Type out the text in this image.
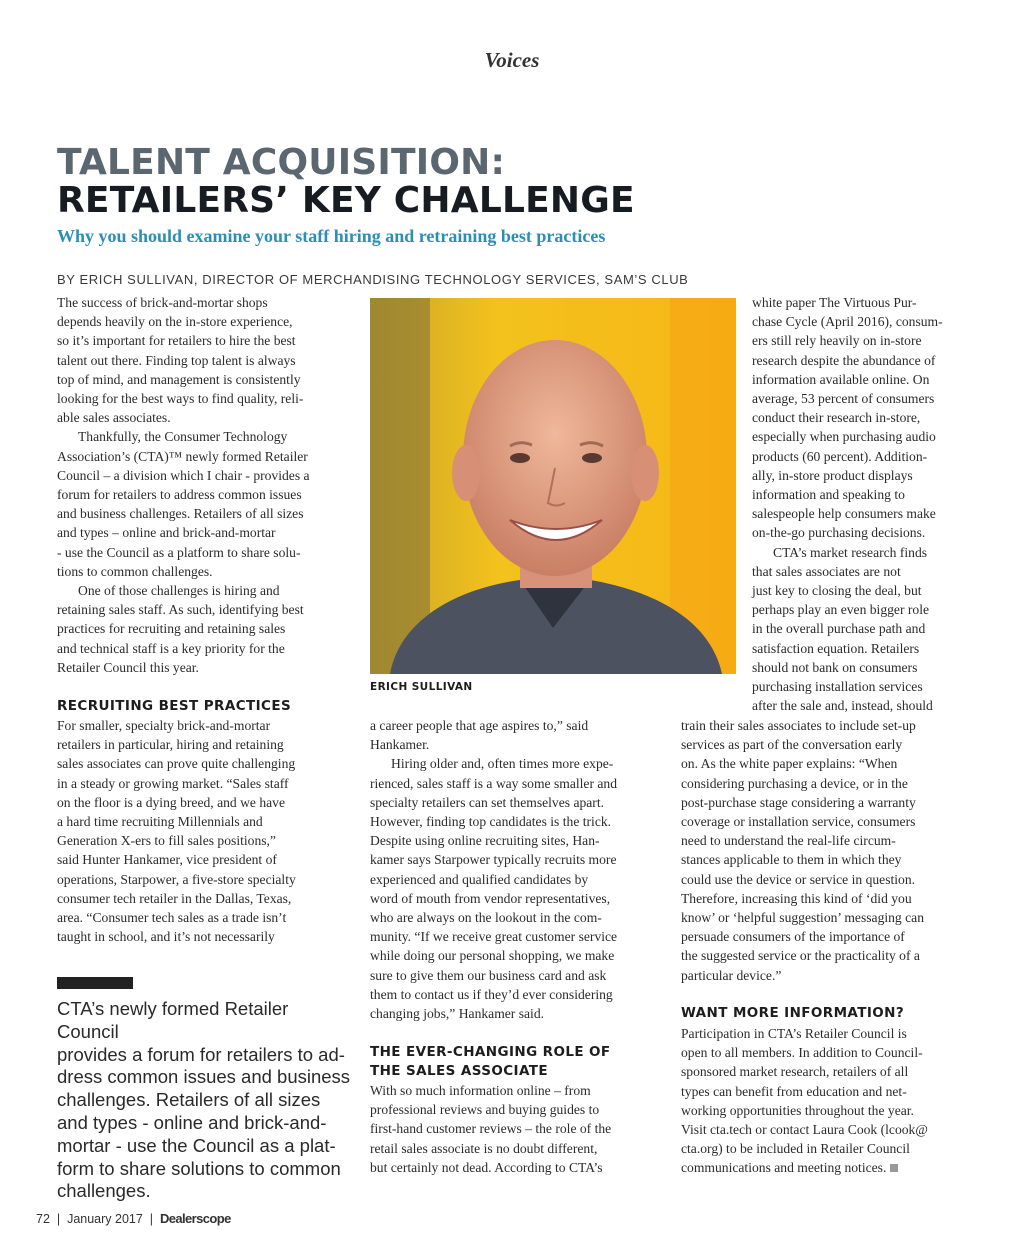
Voices
TALENT ACQUISITION:
RETAILERS’ KEY CHALLENGE
Why you should examine your staff hiring and retraining best practices
BY ERICH SULLIVAN, DIRECTOR OF MERCHANDISING TECHNOLOGY SERVICES, SAM’S CLUB
The success of brick-and-mortar shops
depends heavily on the in-store experience,
so it’s important for retailers to hire the best
talent out there. Finding top talent is always
top of mind, and management is consistently
looking for the best ways to find quality, reli-
able sales associates.
Thankfully, the Consumer Technology
Association’s (CTA)™ newly formed Retailer
Council – a division which I chair - provides a
forum for retailers to address common issues
and business challenges. Retailers of all sizes
and types – online and brick-and-mortar
- use the Council as a platform to share solu-
tions to common challenges.
One of those challenges is hiring and
retaining sales staff. As such, identifying best
practices for recruiting and retaining sales
and technical staff is a key priority for the
Retailer Council this year.
RECRUITING BEST PRACTICES
For smaller, specialty brick-and-mortar
retailers in particular, hiring and retaining
sales associates can prove quite challenging
in a steady or growing market. “Sales staff
on the floor is a dying breed, and we have
a hard time recruiting Millennials and
Generation X-ers to fill sales positions,”
said Hunter Hankamer, vice president of
operations, Starpower, a five-store specialty
consumer tech retailer in the Dallas, Texas,
area. “Consumer tech sales as a trade isn’t
taught in school, and it’s not necessarily
CTA’s newly formed Retailer Council
provides a forum for retailers to ad-
dress common issues and business
challenges. Retailers of all sizes
and types - online and brick-and-
mortar - use the Council as a plat-
form to share solutions to common
challenges.
ERICH SULLIVAN
a career people that age aspires to,” said
Hankamer.
Hiring older and, often times more expe-
rienced, sales staff is a way some smaller and
specialty retailers can set themselves apart.
However, finding top candidates is the trick.
Despite using online recruiting sites, Han-
kamer says Starpower typically recruits more
experienced and qualified candidates by
word of mouth from vendor representatives,
who are always on the lookout in the com-
munity. “If we receive great customer service
while doing our personal shopping, we make
sure to give them our business card and ask
them to contact us if they’d ever considering
changing jobs,” Hankamer said.
THE EVER-CHANGING ROLE OF
THE SALES ASSOCIATE
With so much information online – from
professional reviews and buying guides to
first-hand customer reviews – the role of the
retail sales associate is no doubt different,
but certainly not dead. According to CTA’s
white paper The Virtuous Pur-
chase Cycle (April 2016), consum-
ers still rely heavily on in-store
research despite the abundance of
information available online. On
average, 53 percent of consumers
conduct their research in-store,
especially when purchasing audio
products (60 percent). Addition-
ally, in-store product displays
information and speaking to
salespeople help consumers make
on-the-go purchasing decisions.
CTA’s market research finds
that sales associates are not
just key to closing the deal, but
perhaps play an even bigger role
in the overall purchase path and
satisfaction equation. Retailers
should not bank on consumers
purchasing installation services
after the sale and, instead, should
train their sales associates to include set-up
services as part of the conversation early
on. As the white paper explains: “When
considering purchasing a device, or in the
post-purchase stage considering a warranty
coverage or installation service, consumers
need to understand the real-life circum-
stances applicable to them in which they
could use the device or service in question.
Therefore, increasing this kind of ‘did you
know’ or ‘helpful suggestion’ messaging can
persuade consumers of the importance of
the suggested service or the practicality of a
particular device.”
WANT MORE INFORMATION?
Participation in CTA’s Retailer Council is
open to all members. In addition to Council-
sponsored market research, retailers of all
types can benefit from education and net-
working opportunities throughout the year.
Visit cta.tech or contact Laura Cook (lcook@
cta.org) to be included in Retailer Council
communications and meeting notices.
72 | January 2017 | Dealerscope
